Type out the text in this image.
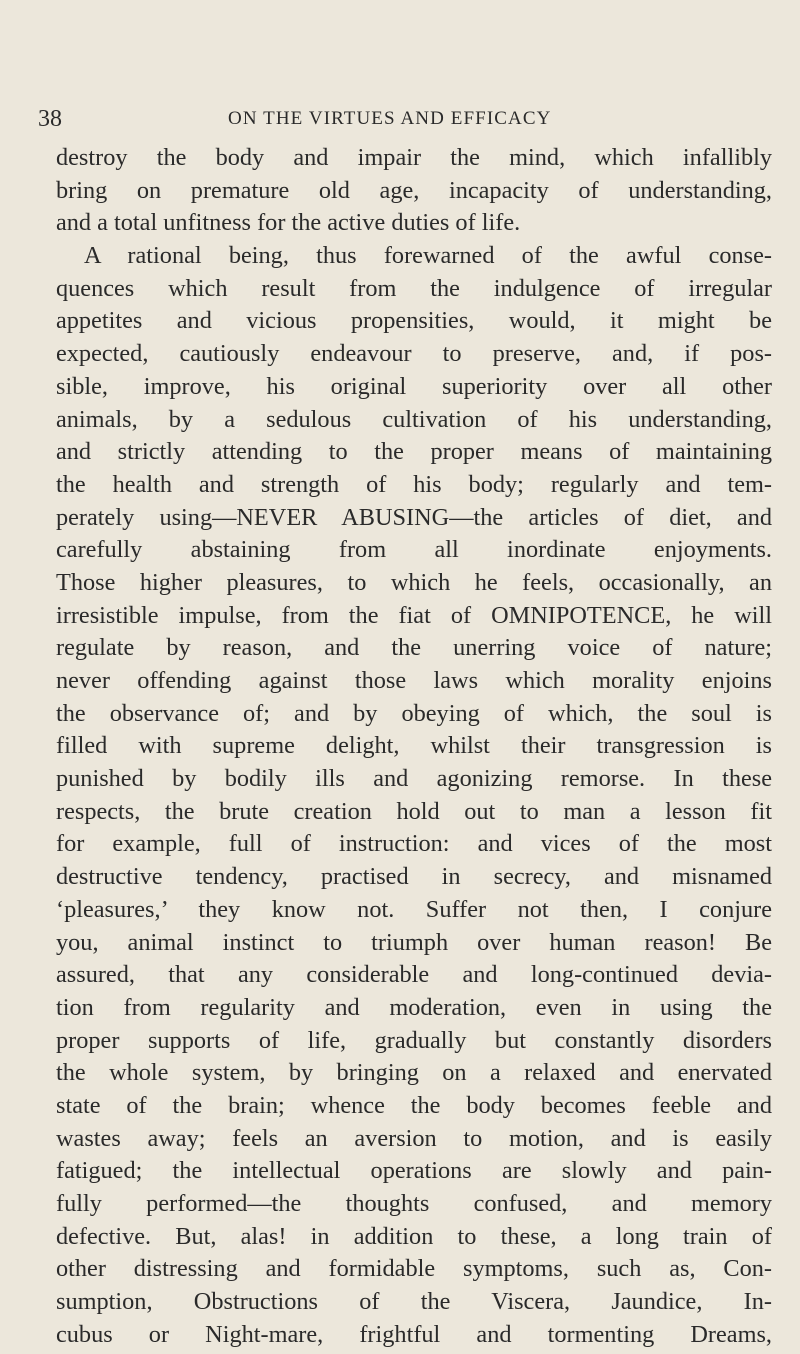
38	ON THE VIRTUES AND EFFICACY
destroy the body and impair the mind, which infallibly
bring on premature old age, incapacity of understanding,
and a total unfitness for the active duties of life.
A rational being, thus forewarned of the awful conse-
quences which result from the indulgence of irregular
appetites and vicious propensities, would, it might be
expected, cautiously endeavour to preserve, and, if pos-
sible, improve, his original superiority over all other
animals, by a sedulous cultivation of his understanding,
and strictly attending to the proper means of maintaining
the health and strength of his body; regularly and tem-
perately using—NEVER ABUSING—the articles of diet, and
carefully abstaining from all inordinate enjoyments.
Those higher pleasures, to which he feels, occasionally, an
irresistible impulse, from the fiat of OMNIPOTENCE, he will
regulate by reason, and the unerring voice of nature;
never offending against those laws which morality enjoins
the observance of; and by obeying of which, the soul is
filled with supreme delight, whilst their transgression is
punished by bodily ills and agonizing remorse. In these
respects, the brute creation hold out to man a lesson fit
for example, full of instruction: and vices of the most
destructive tendency, practised in secrecy, and misnamed
‘pleasures,’ they know not. Suffer not then, I conjure
you, animal instinct to triumph over human reason! Be
assured, that any considerable and long-continued devia-
tion from regularity and moderation, even in using the
proper supports of life, gradually but constantly disorders
the whole system, by bringing on a relaxed and enervated
state of the brain; whence the body becomes feeble and
wastes away; feels an aversion to motion, and is easily
fatigued; the intellectual operations are slowly and pain-
fully performed—the thoughts confused, and memory
defective. But, alas! in addition to these, a long train of
other distressing and formidable symptoms, such as, Con-
sumption, Obstructions of the Viscera, Jaundice, In-
cubus or Night-mare, frightful and tormenting Dreams,
